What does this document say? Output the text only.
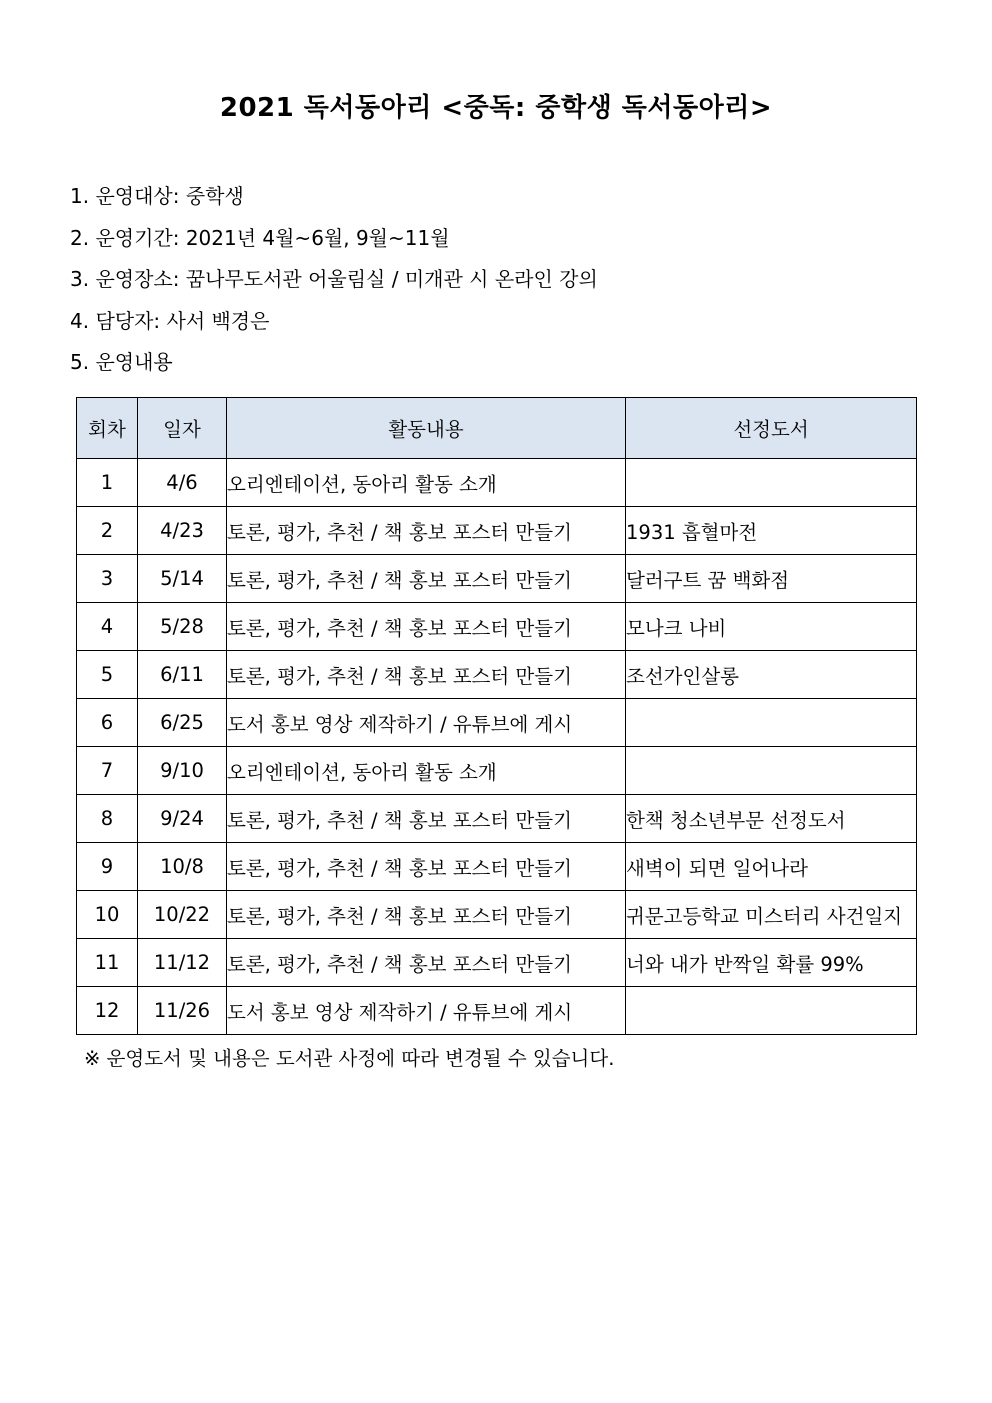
2021 독서동아리 <중독: 중학생 독서동아리>
1. 운영대상: 중학생
2. 운영기간: 2021년 4월~6월, 9월~11월
3. 운영장소: 꿈나무도서관 어울림실 / 미개관 시 온라인 강의
4. 담당자: 사서 백경은
5. 운영내용
회차	일자	활동내용	선정도서
1	4/6	오리엔테이션, 동아리 활동 소개	
2	4/23	토론, 평가, 추천 / 책 홍보 포스터 만들기	1931 흡혈마전
3	5/14	토론, 평가, 추천 / 책 홍보 포스터 만들기	달러구트 꿈 백화점
4	5/28	토론, 평가, 추천 / 책 홍보 포스터 만들기	모나크 나비
5	6/11	토론, 평가, 추천 / 책 홍보 포스터 만들기	조선가인살롱
6	6/25	도서 홍보 영상 제작하기 / 유튜브에 게시	
7	9/10	오리엔테이션, 동아리 활동 소개	
8	9/24	토론, 평가, 추천 / 책 홍보 포스터 만들기	한책 청소년부문 선정도서
9	10/8	토론, 평가, 추천 / 책 홍보 포스터 만들기	새벽이 되면 일어나라
10	10/22	토론, 평가, 추천 / 책 홍보 포스터 만들기	귀문고등학교 미스터리 사건일지
11	11/12	토론, 평가, 추천 / 책 홍보 포스터 만들기	너와 내가 반짝일 확률 99%
12	11/26	도서 홍보 영상 제작하기 / 유튜브에 게시	
※ 운영도서 및 내용은 도서관 사정에 따라 변경될 수 있습니다.
